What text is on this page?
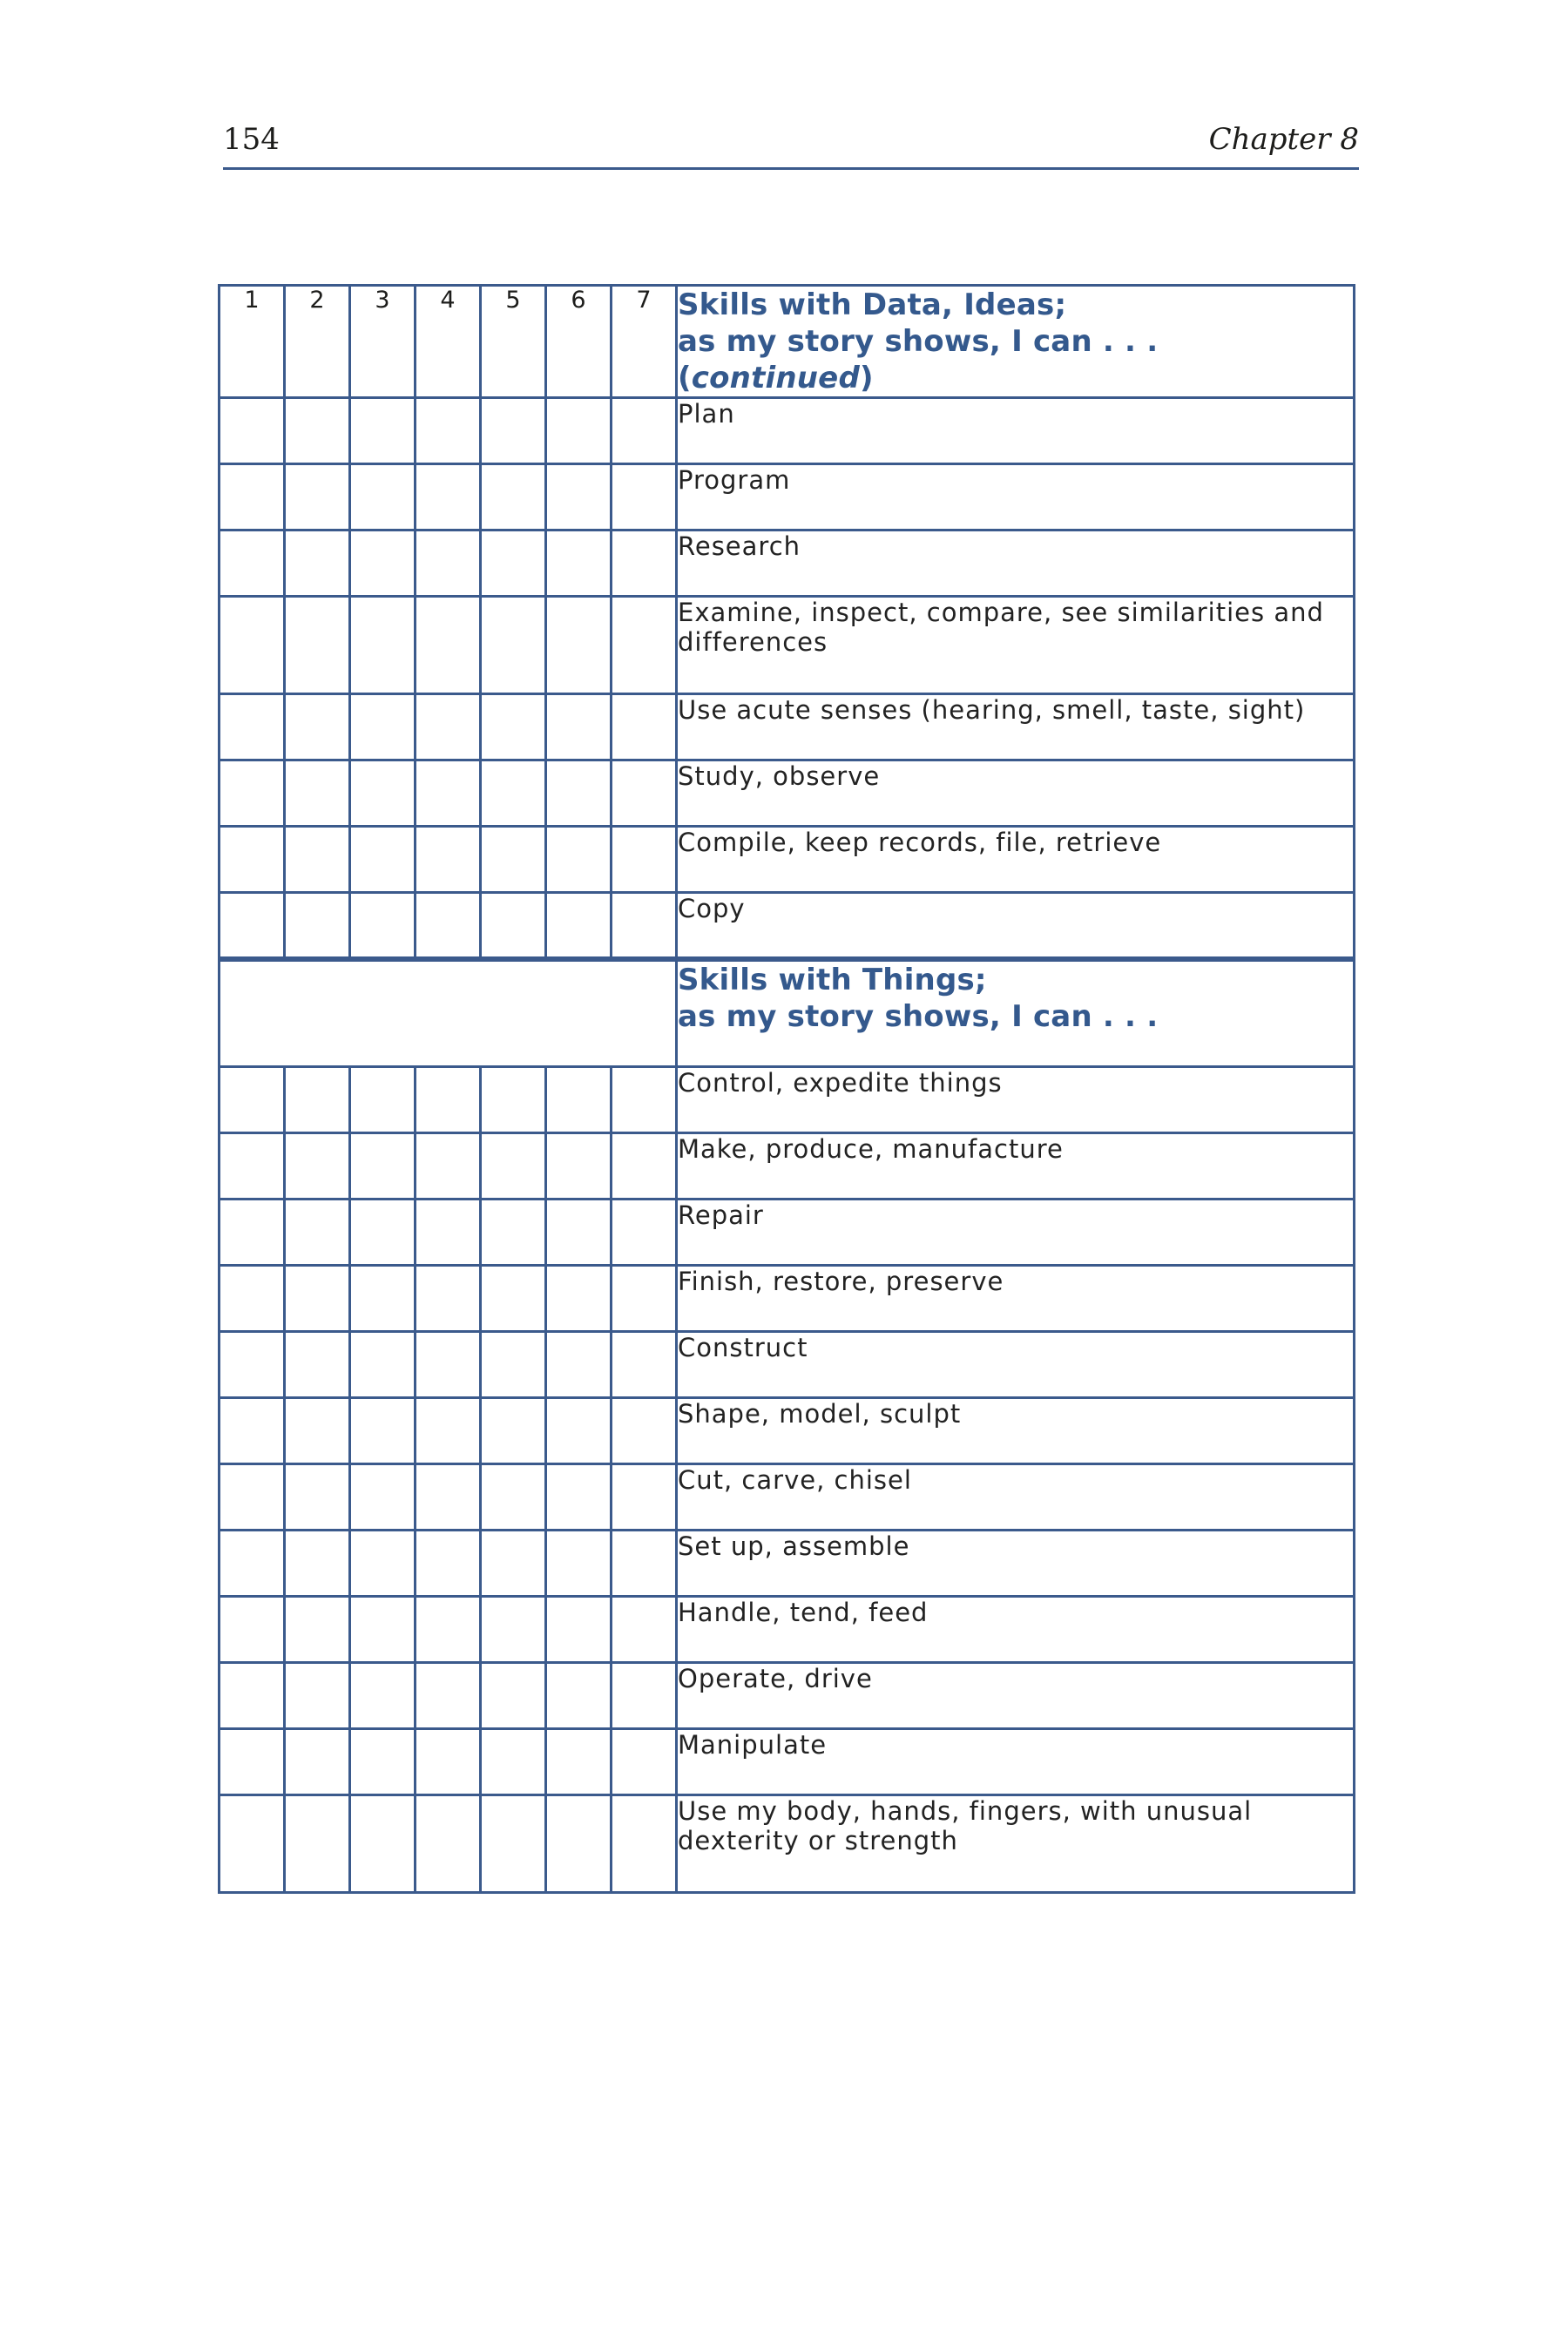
154	Chapter 8
1	2	3	4	5	6	7	Skills with Data, Ideas;
as my story shows, I can . . . (continued)

							Plan
							Program
							Research
							Examine, inspect, compare, see similarities and differences
							Use acute senses (hearing, smell, taste, sight)
							Study, observe
							Compile, keep records, file, retrieve
							Copy

							Skills with Things;
as my story shows, I can . . .

							Control, expedite things
							Make, produce, manufacture
							Repair
							Finish, restore, preserve
							Construct
							Shape, model, sculpt
							Cut, carve, chisel
							Set up, assemble
							Handle, tend, feed
							Operate, drive
							Manipulate
							Use my body, hands, fingers, with unusual dexterity or strength
